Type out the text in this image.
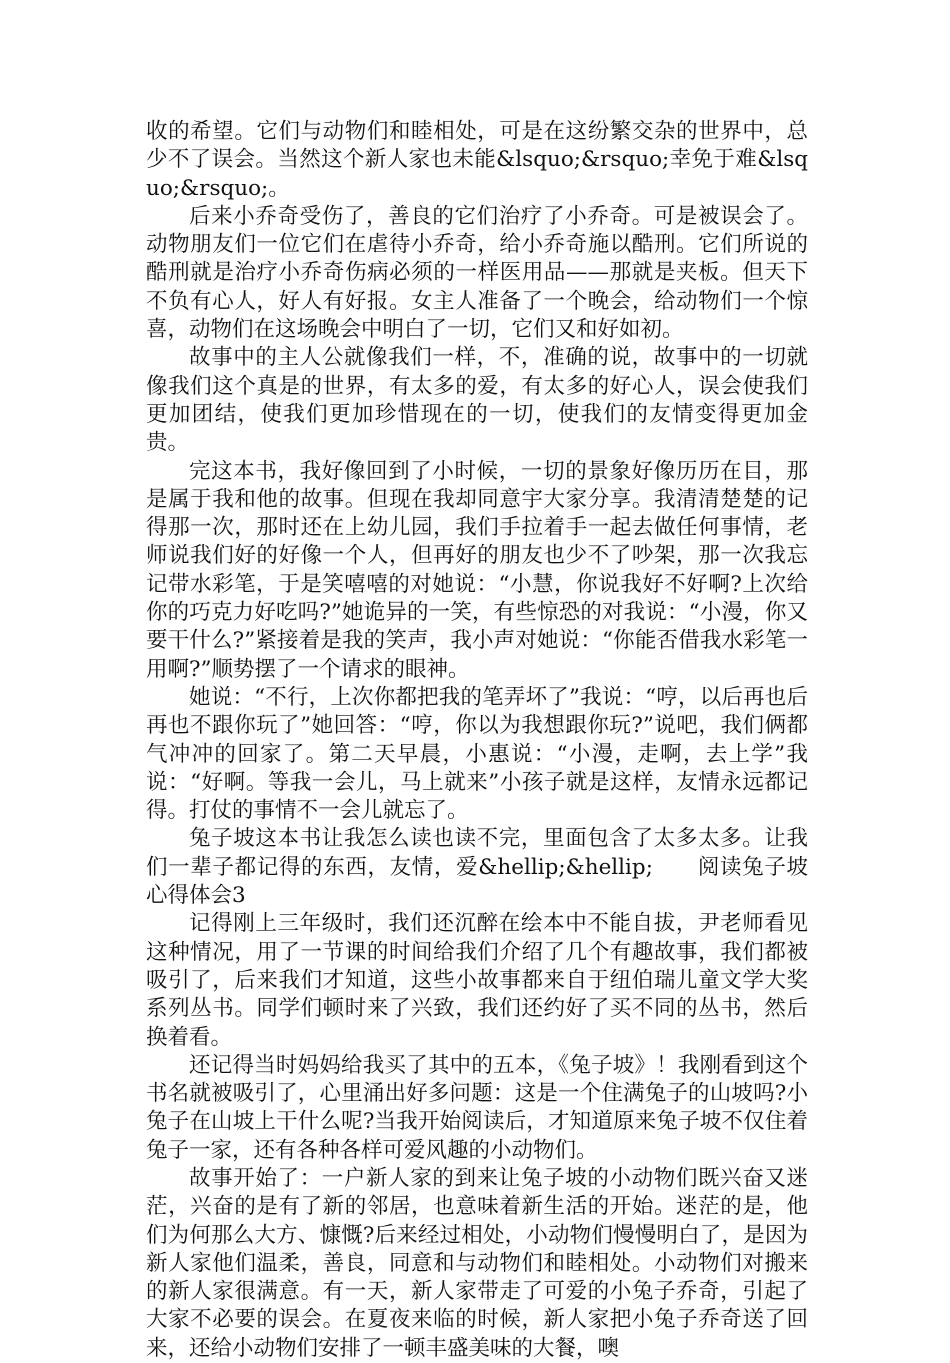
收的希望。它们与动物们和睦相处，可是在这纷繁交杂的世界中，总少不了误会。当然这个新人家也未能&lsquo;&rsquo;幸免于难&lsquo;&rsquo;。

后来小乔奇受伤了，善良的它们治疗了小乔奇。可是被误会了。动物朋友们一位它们在虐待小乔奇，给小乔奇施以酷刑。它们所说的酷刑就是治疗小乔奇伤病必须的一样医用品——那就是夹板。但天下不负有心人，好人有好报。女主人准备了一个晚会，给动物们一个惊喜，动物们在这场晚会中明白了一切，它们又和好如初。

故事中的主人公就像我们一样，不，准确的说，故事中的一切就像我们这个真是的世界，有太多的爱，有太多的好心人，误会使我们更加团结，使我们更加珍惜现在的一切，使我们的友情变得更加金贵。

完这本书，我好像回到了小时候，一切的景象好像历历在目，那是属于我和他的故事。但现在我却同意宇大家分享。我清清楚楚的记得那一次，那时还在上幼儿园，我们手拉着手一起去做任何事情，老师说我们好的好像一个人，但再好的朋友也少不了吵架，那一次我忘记带水彩笔，于是笑嘻嘻的对她说：“小慧，你说我好不好啊?上次给你的巧克力好吃吗?”她诡异的一笑，有些惊恐的对我说：“小漫，你又要干什么?”紧接着是我的笑声，我小声对她说：“你能否借我水彩笔一用啊?”顺势摆了一个请求的眼神。

她说：“不行，上次你都把我的笔弄坏了”我说：“哼，以后再也后再也不跟你玩了”她回答：“哼，你以为我想跟你玩?”说吧，我们俩都气冲冲的回家了。第二天早晨，小惠说：“小漫，走啊，去上学”我说：“好啊。等我一会儿，马上就来”小孩子就是这样，友情永远都记得。打仗的事情不一会儿就忘了。

兔子坡这本书让我怎么读也读不完，里面包含了太多太多。让我们一辈子都记得的东西，友情，爱&hellip;&hellip;　　阅读兔子坡心得体会3

记得刚上三年级时，我们还沉醉在绘本中不能自拔，尹老师看见这种情况，用了一节课的时间给我们介绍了几个有趣故事，我们都被吸引了，后来我们才知道，这些小故事都来自于纽伯瑞儿童文学大奖系列丛书。同学们顿时来了兴致，我们还约好了买不同的丛书，然后换着看。

还记得当时妈妈给我买了其中的五本，《兔子坡》！我刚看到这个书名就被吸引了，心里涌出好多问题：这是一个住满兔子的山坡吗?小兔子在山坡上干什么呢?当我开始阅读后，才知道原来兔子坡不仅住着兔子一家，还有各种各样可爱风趣的小动物们。

故事开始了：一户新人家的到来让兔子坡的小动物们既兴奋又迷茫，兴奋的是有了新的邻居，也意味着新生活的开始。迷茫的是，他们为何那么大方、慷慨?后来经过相处，小动物们慢慢明白了，是因为新人家他们温柔，善良，同意和与动物们和睦相处。小动物们对搬来的新人家很满意。有一天，新人家带走了可爱的小兔子乔奇，引起了大家不必要的误会。在夏夜来临的时候，新人家把小兔子乔奇送了回来，还给小动物们安排了一顿丰盛美味的大餐，噢
